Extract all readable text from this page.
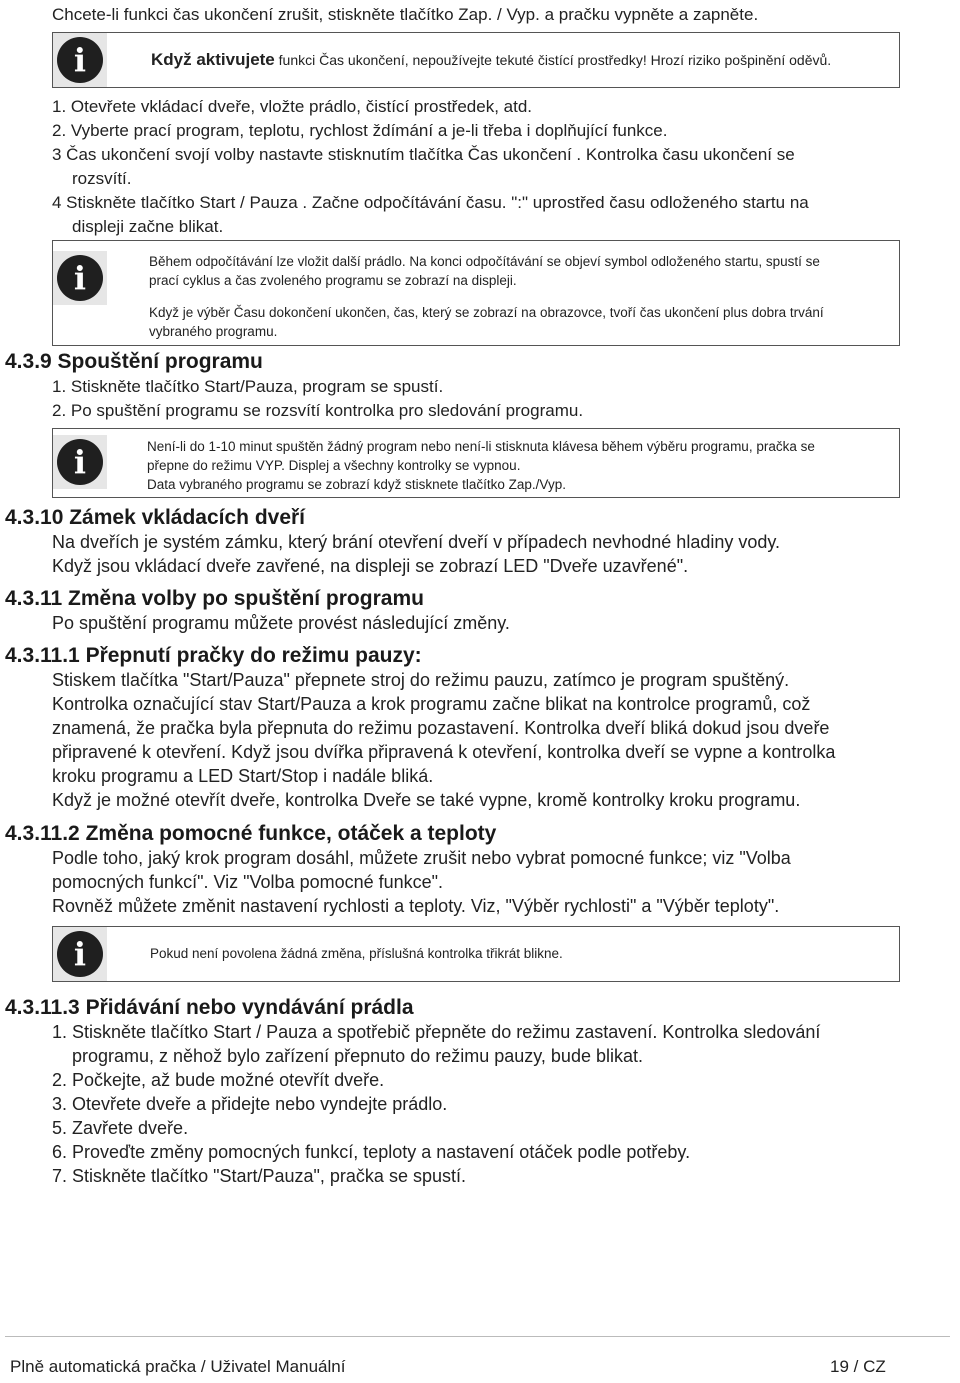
Chcete-li funkci čas ukončení zrušit, stiskněte tlačítko Zap. / Vyp. a pračku vypněte a zapněte.
i	Když aktivujete funkci Čas ukončení, nepoužívejte tekuté čistící prostředky! Hrozí riziko pošpinění oděvů.
1. Otevřete vkládací dveře, vložte prádlo, čistící prostředek, atd.
2. Vyberte prací program, teplotu, rychlost ždímání a je-li třeba i doplňující funkce.
3 Čas ukončení svojí volby nastavte stisknutím tlačítka Čas ukončení . Kontrolka času ukončení se
rozsvítí.
4 Stiskněte tlačítko Start / Pauza . Začne odpočítávání času. ":" uprostřed času odloženého startu na
displeji začne blikat.
i	Během odpočítávání lze vložit další prádlo. Na konci odpočítávání se objeví symbol odloženého startu, spustí se
prací cyklus a čas zvoleného programu se zobrazí na displeji.
Když je výběr Času dokončení ukončen, čas, který se zobrazí na obrazovce, tvoří čas ukončení plus dobra trvání
vybraného programu.
4.3.9 Spouštění programu
1. Stiskněte tlačítko Start/Pauza, program se spustí.
2. Po spuštění programu se rozsvítí kontrolka pro sledování programu.
i	Není-li do 1-10 minut spuštěn žádný program nebo není-li stisknuta klávesa během výběru programu, pračka se
přepne do režimu VYP. Displej a všechny kontrolky se vypnou.
Data vybraného programu se zobrazí když stisknete tlačítko Zap./Vyp.
4.3.10 Zámek vkládacích dveří
Na dveřích je systém zámku, který brání otevření dveří v případech nevhodné hladiny vody.
Když jsou vkládací dveře zavřené, na displeji se zobrazí LED "Dveře uzavřené".
4.3.11 Změna volby po spuštění programu
Po spuštění programu můžete provést následující změny.
4.3.11.1 Přepnutí pračky do režimu pauzy:
Stiskem tlačítka "Start/Pauza" přepnete stroj do režimu pauzu, zatímco je program spuštěný.
Kontrolka označující stav Start/Pauza a krok programu začne blikat na kontrolce programů, což
znamená, že pračka byla přepnuta do režimu pozastavení. Kontrolka dveří bliká dokud jsou dveře
připravené k otevření. Když jsou dvířka připravená k otevření, kontrolka dveří se vypne a kontrolka
kroku programu a LED Start/Stop i nadále bliká.
Když je možné otevřít dveře, kontrolka Dveře se také vypne, kromě kontrolky kroku programu.
4.3.11.2 Změna pomocné funkce, otáček a teploty
Podle toho, jaký krok program dosáhl, můžete zrušit nebo vybrat pomocné funkce; viz "Volba
pomocných funkcí". Viz "Volba pomocné funkce".
Rovněž můžete změnit nastavení rychlosti a teploty. Viz, "Výběr rychlosti" a "Výběr teploty".
i	Pokud není povolena žádná změna, příslušná kontrolka třikrát blikne.
4.3.11.3 Přidávání nebo vyndávání prádla
1. Stiskněte tlačítko Start / Pauza a spotřebič přepněte do režimu zastavení. Kontrolka sledování
programu, z něhož bylo zařízení přepnuto do režimu pauzy, bude blikat.
2. Počkejte, až bude možné otevřít dveře.
3. Otevřete dveře a přidejte nebo vyndejte prádlo.
5. Zavřete dveře.
6. Proveďte změny pomocných funkcí, teploty a nastavení otáček podle potřeby.
7. Stiskněte tlačítko "Start/Pauza", pračka se spustí.
Plně automatická pračka / Uživatel Manuální	19 / CZ
